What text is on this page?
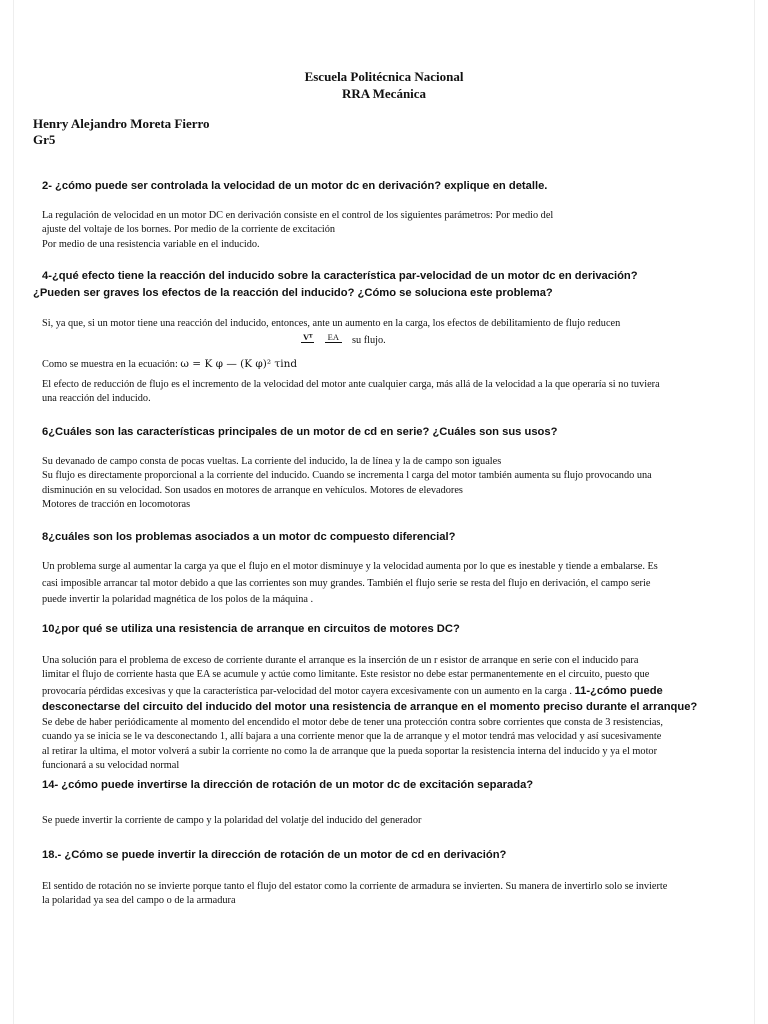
Escuela Politécnica Nacional

RRA Mecánica

Henry Alejandro Moreta Fierro

Gr5

2- ¿cómo puede ser controlada la velocidad de un motor dc en derivación? explique en detalle.

La regulación de velocidad en un motor DC en derivación consiste en el control de los siguientes parámetros: Por medio del
ajuste del voltaje de los bornes. Por medio de la corriente de excitación
Por medio de una resistencia variable en el inducido.
4-¿qué efecto tiene la reacción del inducido sobre la característica par-velocidad de un motor dc en derivación?
¿Pueden ser graves los efectos de la reacción del inducido? ¿Cómo se soluciona este problema?

Si, ya que, si un motor tiene una reacción del inducido, entonces, ante un aumento en la carga, los efectos de debilitamiento de flujo reducen

Vᵀ EA su flujo.

Como se muestra en la ecuación: ω = K φ — (K φ)² τind
El efecto de reducción de flujo es el incremento de la velocidad del motor ante cualquier carga, más allá de la velocidad a la que operaría si no tuviera
una reacción del inducido.

6¿Cuáles son las características principales de un motor de cd en serie? ¿Cuáles son sus usos?

Su devanado de campo consta de pocas vueltas. La corriente del inducido, la de línea y la de campo son iguales
Su flujo es directamente proporcional a la corriente del inducido. Cuando se incrementa l carga del motor también aumenta su flujo provocando una
disminución en su velocidad. Son usados en motores de arranque en vehículos. Motores de elevadores
Motores de tracción en locomotoras

8¿cuáles son los problemas asociados a un motor dc compuesto diferencial?

Un problema surge al aumentar la carga ya que el flujo en el motor disminuye y la velocidad aumenta por lo que es inestable y tiende a embalarse. Es
casi imposible arrancar tal motor debido a que las corrientes son muy grandes. También el flujo serie se resta del flujo en derivación, el campo serie
puede invertir la polaridad magnética de los polos de la máquina .

10¿por qué se utiliza una resistencia de arranque en circuitos de motores DC?

Una solución para el problema de exceso de corriente durante el arranque es la inserción de un r esistor de arranque en serie con el inducido para
limitar el flujo de corriente hasta que EA se acumule y actúe como limitante. Este resistor no debe estar permanentemente en el circuito, puesto que
provocaría pérdidas excesivas y que la característica par-velocidad del motor cayera excesivamente con un aumento en la carga . 11-¿cómo puede

desconectarse del circuito del inducido del motor una resistencia de arranque en el momento preciso durante el arranque?

Se debe de haber periódicamente al momento del encendido el motor debe de tener una protección contra sobre corrientes que consta de 3 resistencias,
cuando ya se inicia se le va desconectando 1, allí bajara a una corriente menor que la de arranque y el motor tendrá mas velocidad y así sucesivamente
al retirar la ultima, el motor volverá a subir la corriente no como la de arranque que la pueda soportar la resistencia interna del inducido y ya el motor
funcionará a su velocidad normal

14- ¿cómo puede invertirse la dirección de rotación de un motor dc de excitación separada?

Se puede invertir la corriente de campo y la polaridad del volatje del inducido del generador

18.- ¿Cómo se puede invertir la dirección de rotación de un motor de cd en derivación?

El sentido de rotación no se invierte porque tanto el flujo del estator como la corriente de armadura se invierten. Su manera de invertirlo solo se invierte
la polaridad ya sea del campo o de la armadura
